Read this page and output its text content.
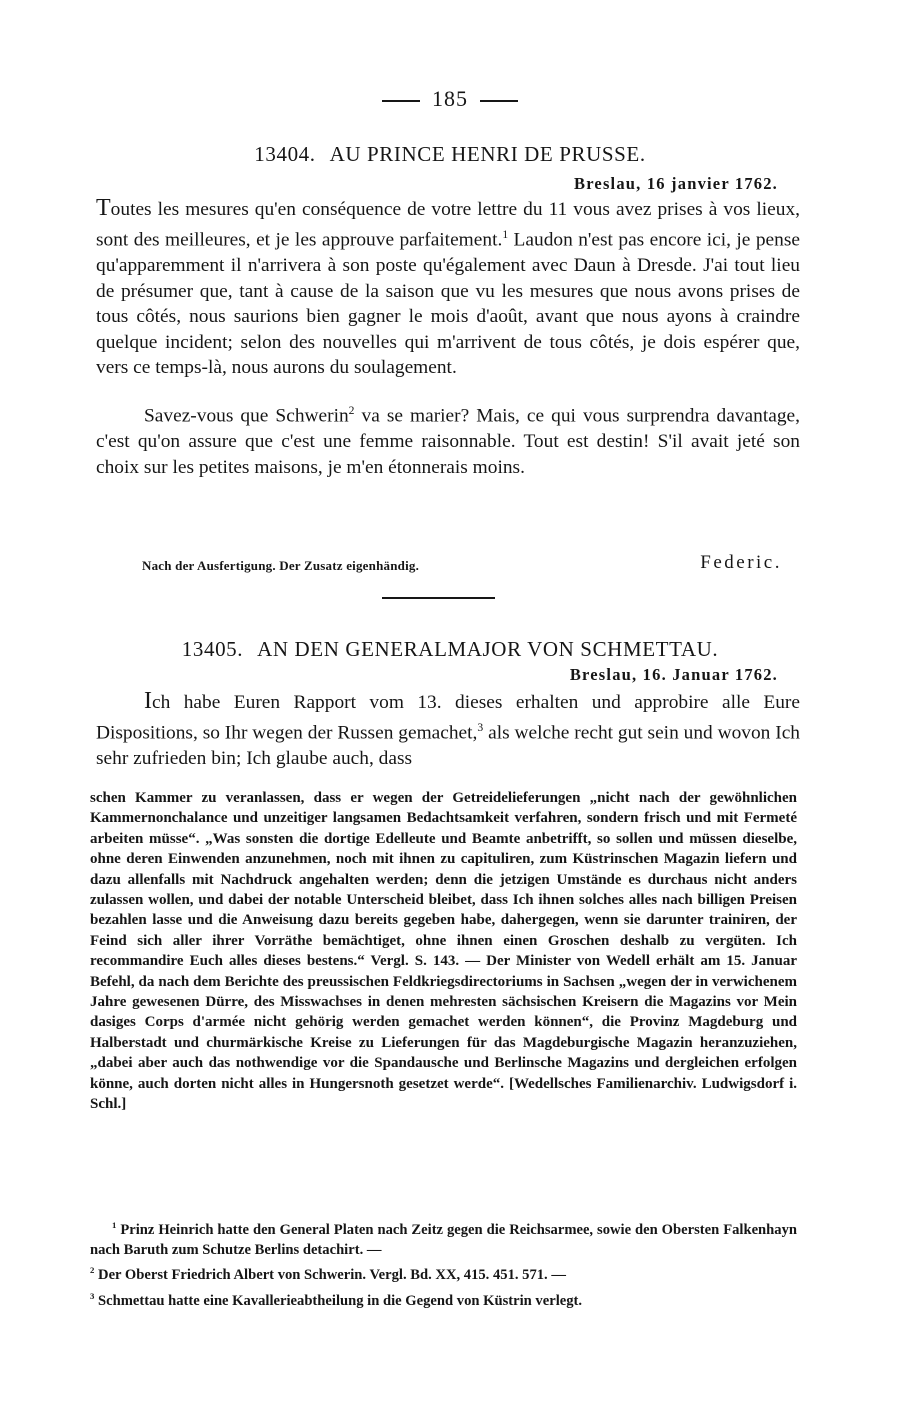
185
13404. AU PRINCE HENRI DE PRUSSE.
Breslau, 16 janvier 1762.

Toutes les mesures qu'en conséquence de votre lettre du 11 vous avez prises à vos lieux, sont des meilleures, et je les approuve parfaitement.$^1$ Laudon n'est pas encore ici, je pense qu'apparemment il n'arrivera à son poste qu'également avec Daun à Dresde. J'ai tout lieu de présumer que, tant à cause de la saison que vu les mesures que nous avons prises de tous côtés, nous saurions bien gagner le mois d'août, avant que nous ayons à craindre quelque incident; selon des nouvelles qui m'arrivent de tous côtés, je dois espérer que, vers ce temps-là, nous aurons du soulagement.

Savez-vous que Schwerin$^2$ va se marier? Mais, ce qui vous surprendra davantage, c'est qu'on assure que c'est une femme raisonnable. Tout est destin! S'il avait jeté son choix sur les petites maisons, je m'en étonnerais moins.

Nach der Ausfertigung. Der Zusatz eigenhändig.	Federic.
13405. AN DEN GENERALMAJOR VON SCHMETTAU.
Breslau, 16. Januar 1762.

Ich habe Euren Rapport vom 13. dieses erhalten und approbire alle Eure Dispositions, so Ihr wegen der Russen gemachet,$^3$ als welche recht gut sein und wovon Ich sehr zufrieden bin; Ich glaube auch, dass

schen Kammer zu veranlassen, dass er wegen der Getreidelieferungen „nicht nach der gewöhnlichen Kammernonchalance und unzeitiger langsamen Bedachtsamkeit verfahren, sondern frisch und mit Fermeté arbeiten müsse“. „Was sonsten die dortige Edelleute und Beamte anbetrifft, so sollen und müssen dieselbe, ohne deren Einwenden anzunehmen, noch mit ihnen zu capituliren, zum Küstrinschen Magazin liefern und dazu allenfalls mit Nachdruck angehalten werden; denn die jetzigen Umstände es durchaus nicht anders zulassen wollen, und dabei der notable Unterscheid bleibet, dass Ich ihnen solches alles nach billigen Preisen bezahlen lasse und die Anweisung dazu bereits gegeben habe, dahergegen, wenn sie darunter trainiren, der Feind sich aller ihrer Vorräthe bemächtiget, ohne ihnen einen Groschen deshalb zu vergüten. Ich recommandire Euch alles dieses bestens.“ Vergl. S. 143. — Der Minister von Wedell erhält am 15. Januar Befehl, da nach dem Berichte des preussischen Feldkriegsdirectoriums in Sachsen „wegen der in verwichenem Jahre gewesenen Dürre, des Misswachses in denen mehresten sächsischen Kreisern die Magazins vor Mein dasiges Corps d'armée nicht gehörig werden gemachet werden können“, die Provinz Magdeburg und Halberstadt und churmärkische Kreise zu Lieferungen für das Magdeburgische Magazin heranzuziehen, „dabei aber auch das nothwendige vor die Spandausche und Berlinsche Magazins und dergleichen erfolgen könne, auch dorten nicht alles in Hungersnoth gesetzet werde“. [Wedellsches Familienarchiv. Ludwigsdorf i. Schl.]

$^1$ Prinz Heinrich hatte den General Platen nach Zeitz gegen die Reichsarmee, sowie den Obersten Falkenhayn nach Baruth zum Schutze Berlins detachirt. —

$^2$ Der Oberst Friedrich Albert von Schwerin. Vergl. Bd. XX, 415. 451. 571. —

$^3$ Schmettau hatte eine Kavallerieabtheilung in die Gegend von Küstrin verlegt.
